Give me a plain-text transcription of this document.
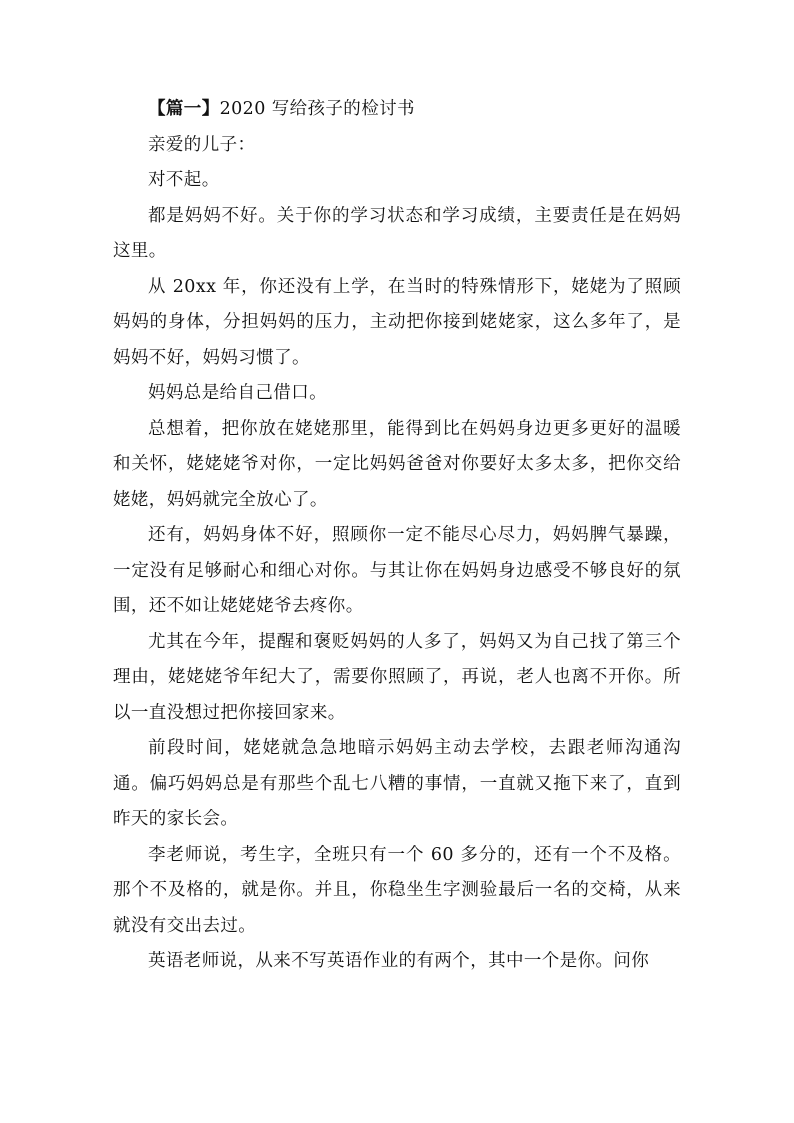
【篇一】2020 写给孩子的检讨书

亲爱的儿子：

对不起。

都是妈妈不好。关于你的学习状态和学习成绩，主要责任是在妈妈这里。

从 20xx 年，你还没有上学，在当时的特殊情形下，姥姥为了照顾妈妈的身体，分担妈妈的压力，主动把你接到姥姥家，这么多年了，是妈妈不好，妈妈习惯了。

妈妈总是给自己借口。

总想着，把你放在姥姥那里，能得到比在妈妈身边更多更好的温暖和关怀，姥姥姥爷对你，一定比妈妈爸爸对你要好太多太多，把你交给姥姥，妈妈就完全放心了。

还有，妈妈身体不好，照顾你一定不能尽心尽力，妈妈脾气暴躁，一定没有足够耐心和细心对你。与其让你在妈妈身边感受不够良好的氛围，还不如让姥姥姥爷去疼你。

尤其在今年，提醒和褒贬妈妈的人多了，妈妈又为自己找了第三个理由，姥姥姥爷年纪大了，需要你照顾了，再说，老人也离不开你。所以一直没想过把你接回家来。

前段时间，姥姥就急急地暗示妈妈主动去学校，去跟老师沟通沟通。偏巧妈妈总是有那些个乱七八糟的事情，一直就又拖下来了，直到昨天的家长会。

李老师说，考生字，全班只有一个 60 多分的，还有一个不及格。那个不及格的，就是你。并且，你稳坐生字测验最后一名的交椅，从来就没有交出去过。

英语老师说，从来不写英语作业的有两个，其中一个是你。问你
